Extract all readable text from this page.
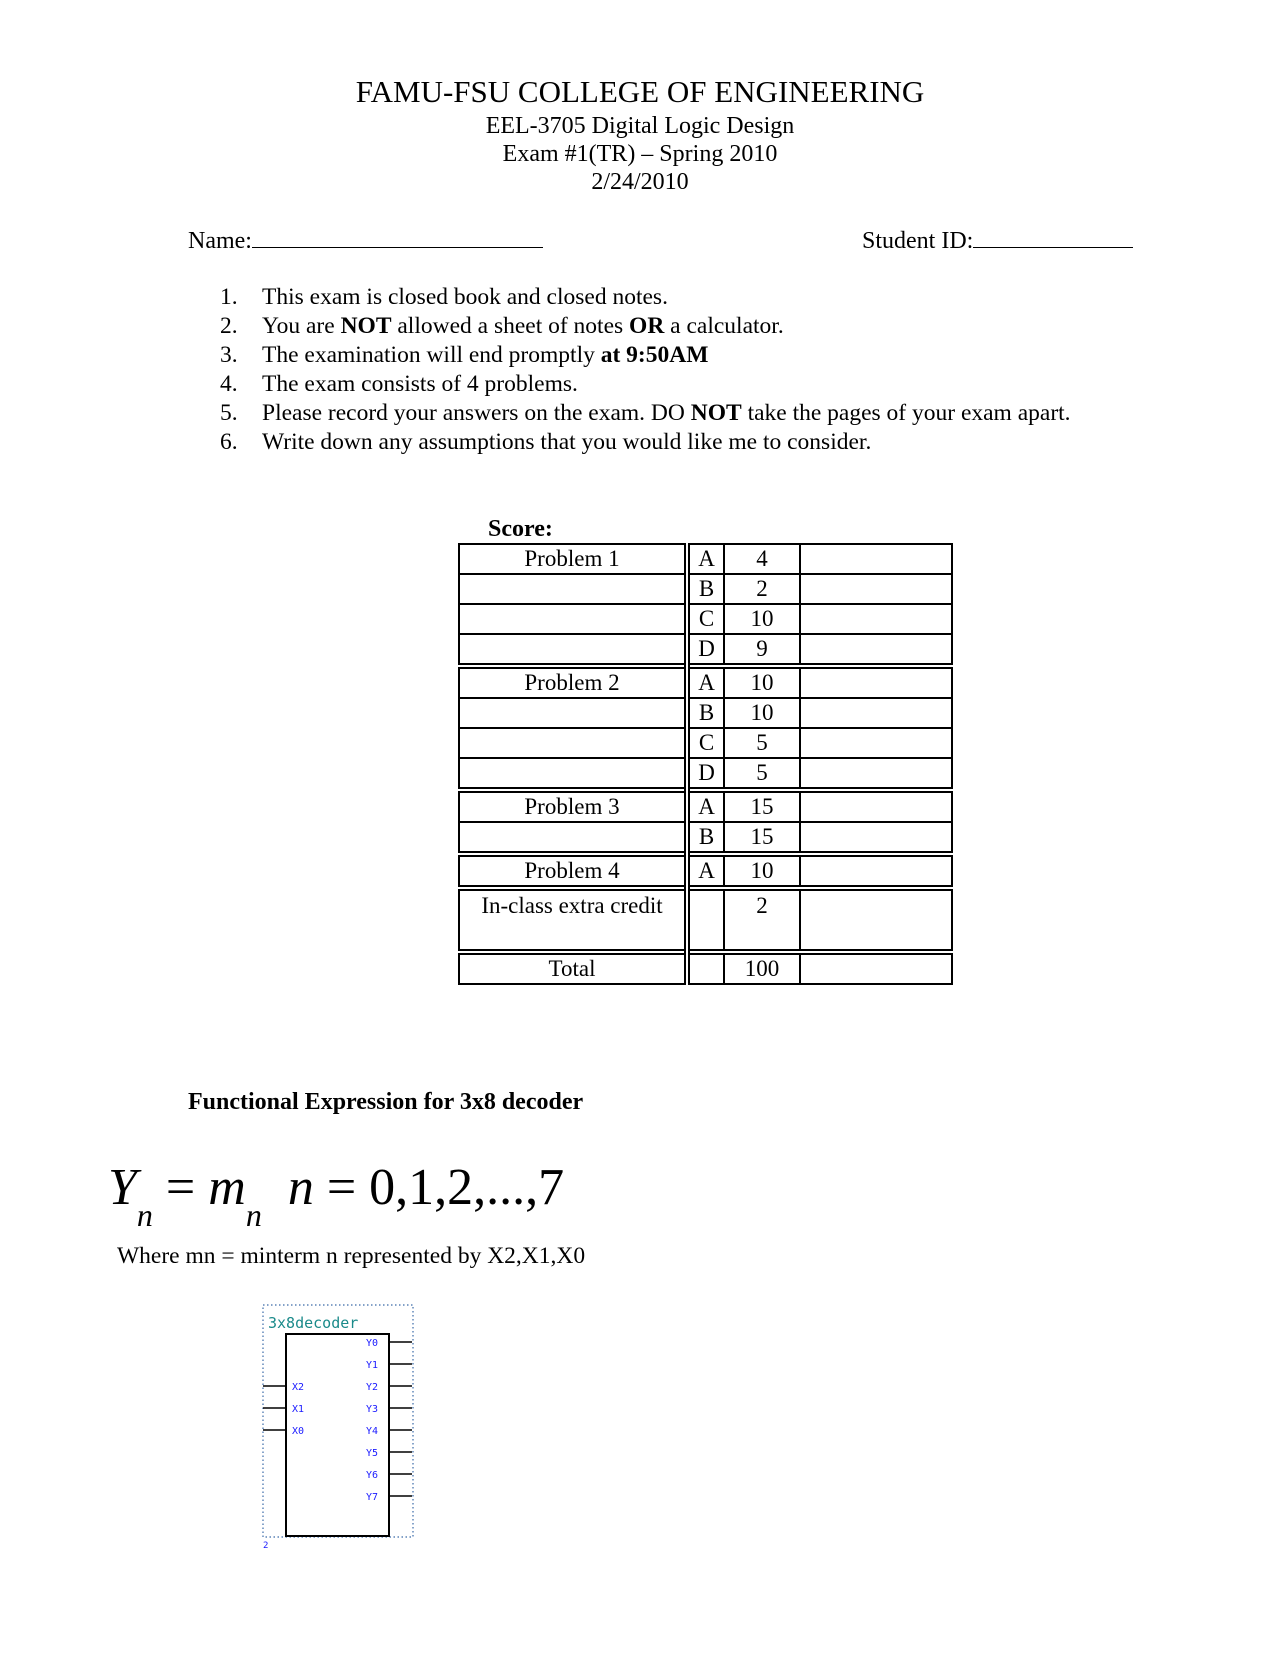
FAMU-FSU COLLEGE OF ENGINEERING
EEL-3705 Digital Logic Design
Exam #1(TR) – Spring 2010
2/24/2010
Name:	Student ID:
1.	This exam is closed book and closed notes.
2.	You are NOT allowed a sheet of notes OR a calculator.
3.	The examination will end promptly at 9:50AM
4.	The exam consists of 4 problems.
5.	Please record your answers on the exam. DO NOT take the pages of your exam apart.
6.	Write down any assumptions that you would like me to consider.
Score:
Problem 1	A	4	
	B	2	
	C	10	
	D	9	
Problem 2	A	10	
	B	10	
	C	5	
	D	5	
Problem 3	A	15	
	B	15	
Problem 4	A	10	
In-class extra credit		2	
Total		100	
Functional Expression for 3x8 decoder
$Y_n = m_n$ n = 0,1,2,...,7
Where mn = minterm n represented by X2,X1,X0
3x8decoder
2
Y0
Y1
Y2
Y3
Y4
Y5
Y6
Y7
X2
X1
X0
